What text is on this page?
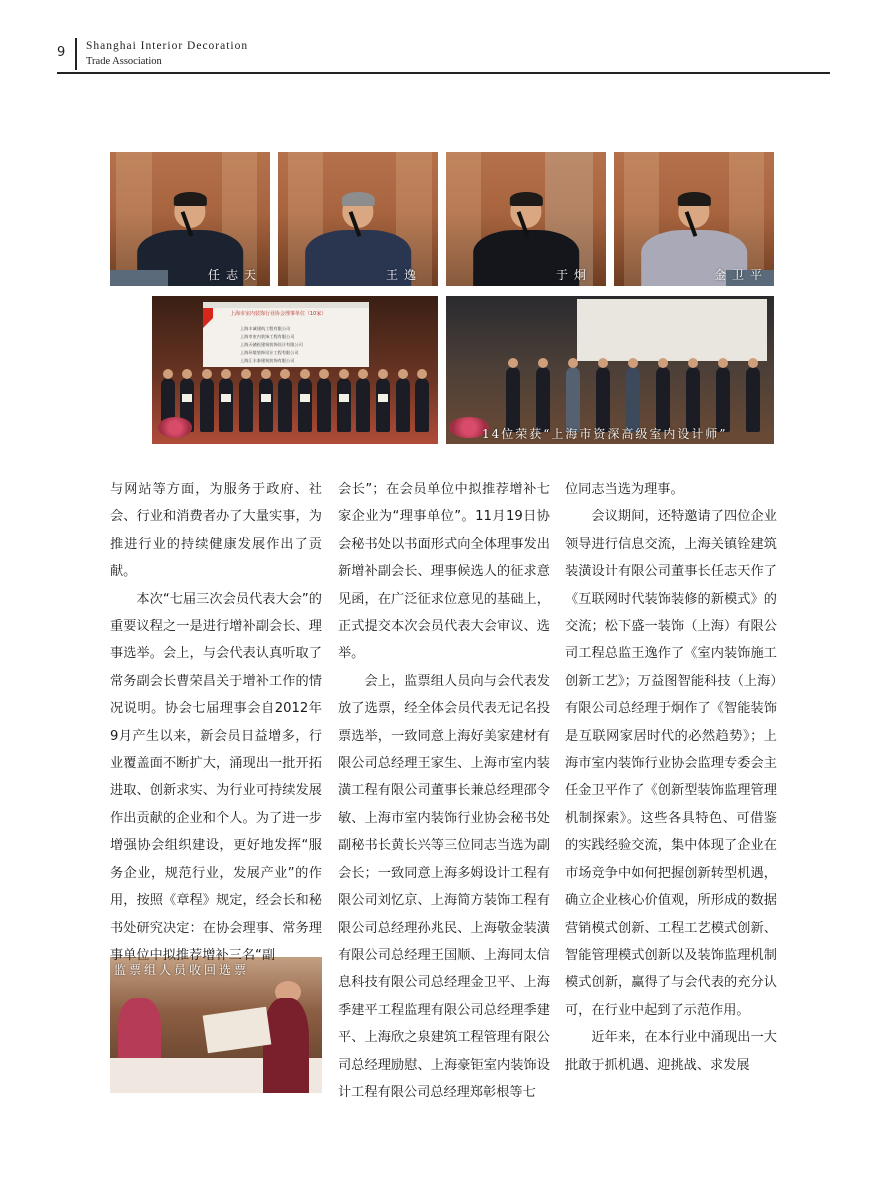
9 Shanghai Interior Decoration
Trade Association
任志天	王逸	于炯	金卫平
上海市室内装饰行业协会理事单位（10家）
上海丰诚建筑工程有限公司
上海市室内装饰工程有限公司
上海天储松建筑装饰设计有限公司
上海环境装饰设计工程有限公司
上海汇丰泰建筑装饰有限公司
14位荣获“上海市资深高级室内设计师”
监票组人员收回选票

与网站等方面，为服务于政府、社会、行业和消费者办了大量实事，为推进行业的持续健康发展作出了贡献。

本次“七届三次会员代表大会”的重要议程之一是进行增补副会长、理事选举。会上，与会代表认真听取了常务副会长曹荣昌关于增补工作的情况说明。协会七届理事会自2012年9月产生以来，新会员日益增多，行业覆盖面不断扩大，涌现出一批开拓进取、创新求实、为行业可持续发展作出贡献的企业和个人。为了进一步增强协会组织建设，更好地发挥“服务企业，规范行业，发展产业”的作用，按照《章程》规定，经会长和秘书处研究决定：在协会理事、常务理事单位中拟推荐增补三名“副

会长”；在会员单位中拟推荐增补七家企业为“理事单位”。11月19日协会秘书处以书面形式向全体理事发出新增补副会长、理事候选人的征求意见函，在广泛征求位意见的基础上，正式提交本次会员代表大会审议、选举。

会上，监票组人员向与会代表发放了选票，经全体会员代表无记名投票选举，一致同意上海好美家建材有限公司总经理王家生、上海市室内装潢工程有限公司董事长兼总经理邵令敏、上海市室内装饰行业协会秘书处副秘书长黄长兴等三位同志当选为副会长；一致同意上海多姆设计工程有限公司刘忆京、上海简方装饰工程有限公司总经理孙兆民、上海敬金装潢有限公司总经理王国顺、上海同太信息科技有限公司总经理金卫平、上海季建平工程监理有限公司总经理季建平、上海欣之泉建筑工程管理有限公司总经理励慰、上海豪钜室内装饰设计工程有限公司总经理郑彰根等七

位同志当选为理事。

会议期间，还特邀请了四位企业领导进行信息交流，上海关镇铨建筑装潢设计有限公司董事长任志天作了《互联网时代装饰装修的新模式》的交流；松下盛一装饰（上海）有限公司工程总监王逸作了《室内装饰施工创新工艺》；万益图智能科技（上海）有限公司总经理于炯作了《智能装饰是互联网家居时代的必然趋势》；上海市室内装饰行业协会监理专委会主任金卫平作了《创新型装饰监理管理机制探索》。这些各具特色、可借鉴的实践经验交流，集中体现了企业在市场竞争中如何把握创新转型机遇，确立企业核心价值观，所形成的数据营销模式创新、工程工艺模式创新、智能管理模式创新以及装饰监理机制模式创新，赢得了与会代表的充分认可，在行业中起到了示范作用。

近年来，在本行业中涌现出一大批敢于抓机遇、迎挑战、求发展
